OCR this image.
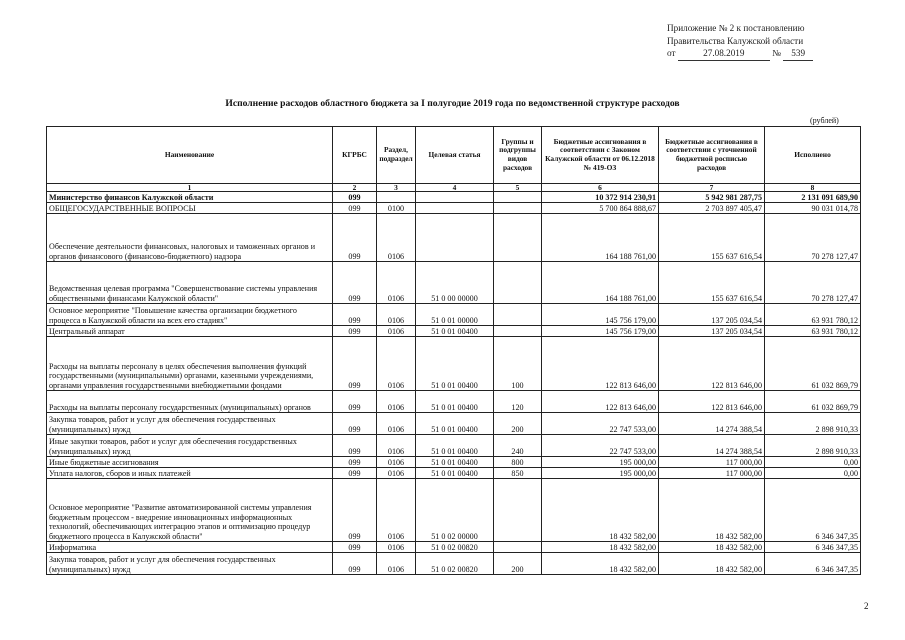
Приложение № 2 к постановлению
Правительства Калужской области
от	27.08.2019	№ 539
Исполнение расходов областного бюджета за I полугодие 2019 года по ведомственной структуре расходов
(рублей)
Наименование	КГРБС	Раздел, подраздел	Целевая статья	Группы и подгруппы видов расходов	Бюджетные ассигнования в соответствии с Законом Калужской области от 06.12.2018 № 419-ОЗ	Бюджетные ассигнования в соответствии с уточненной бюджетной росписью расходов	Исполнено
1	2	3	4	5	6	7	8
Министерство финансов Калужской области	099				10 372 914 230,91	5 942 981 287,75	2 131 091 689,90
ОБЩЕГОСУДАРСТВЕННЫЕ ВОПРОСЫ	099	0100			5 700 864 888,67	2 703 897 405,47	90 031 014,78
Обеспечение деятельности финансовых, налоговых и таможенных органов и органов финансового (финансово-бюджетного) надзора	099	0106			164 188 761,00	155 637 616,54	70 278 127,47
Ведомственная целевая программа "Совершенствование системы управления общественными финансами Калужской области"	099	0106	51 0 00 00000		164 188 761,00	155 637 616,54	70 278 127,47
Основное мероприятие "Повышение качества организации бюджетного процесса в Калужской области на всех его стадиях"	099	0106	51 0 01 00000		145 756 179,00	137 205 034,54	63 931 780,12
Центральный аппарат	099	0106	51 0 01 00400		145 756 179,00	137 205 034,54	63 931 780,12
Расходы на выплаты персоналу в целях обеспечения выполнения функций государственными (муниципальными) органами, казенными учреждениями, органами управления государственными внебюджетными фондами	099	0106	51 0 01 00400	100	122 813 646,00	122 813 646,00	61 032 869,79
Расходы на выплаты персоналу государственных (муниципальных) органов	099	0106	51 0 01 00400	120	122 813 646,00	122 813 646,00	61 032 869,79
Закупка товаров, работ и услуг для обеспечения государственных (муниципальных) нужд	099	0106	51 0 01 00400	200	22 747 533,00	14 274 388,54	2 898 910,33
Иные закупки товаров, работ и услуг для обеспечения государственных (муниципальных) нужд	099	0106	51 0 01 00400	240	22 747 533,00	14 274 388,54	2 898 910,33
Иные бюджетные ассигнования	099	0106	51 0 01 00400	800	195 000,00	117 000,00	0,00
Уплата налогов, сборов и иных платежей	099	0106	51 0 01 00400	850	195 000,00	117 000,00	0,00
Основное мероприятие "Развитие автоматизированной системы управления бюджетным процессом - внедрение инновационных информационных технологий, обеспечивающих интеграцию этапов и оптимизацию процедур бюджетного процесса в Калужской области"	099	0106	51 0 02 00000		18 432 582,00	18 432 582,00	6 346 347,35
Информатика	099	0106	51 0 02 00820		18 432 582,00	18 432 582,00	6 346 347,35
Закупка товаров, работ и услуг для обеспечения государственных (муниципальных) нужд	099	0106	51 0 02 00820	200	18 432 582,00	18 432 582,00	6 346 347,35
2
